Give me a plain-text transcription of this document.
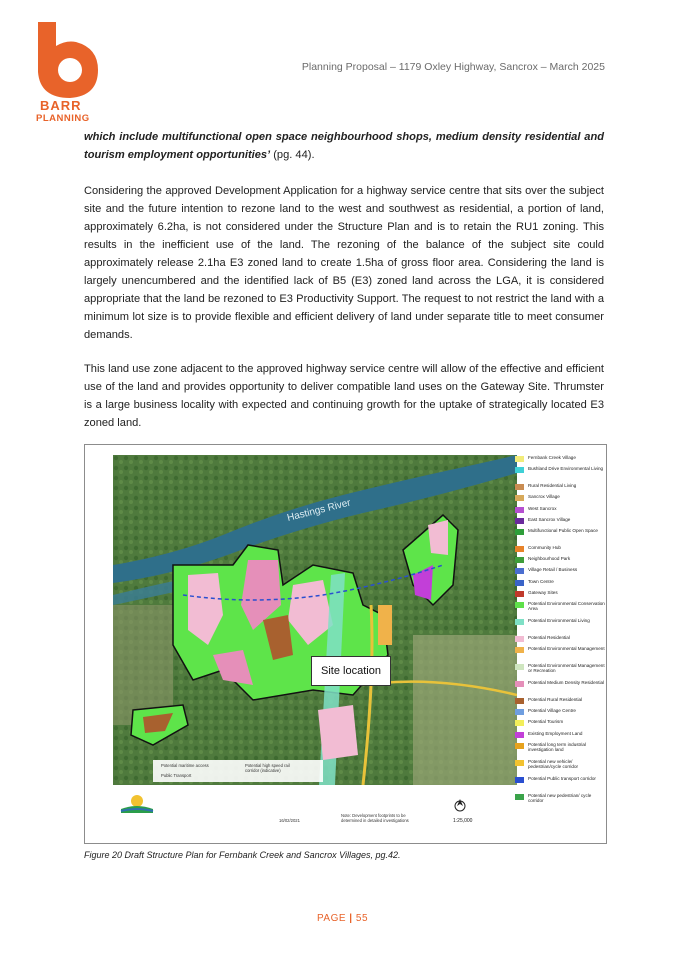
BARR
PLANNING
Planning Proposal – 1179 Oxley Highway, Sancrox – March 2025

which include multifunctional open space neighbourhood shops, medium density residential and tourism employment opportunities’ (pg. 44).

Considering the approved Development Application for a highway service centre that sits over the subject site and the future intention to rezone land to the west and southwest as residential, a portion of land, approximately 6.2ha, is not considered under the Structure Plan and is to retain the RU1 zoning. This results in the inefficient use of the land. The rezoning of the balance of the subject site could approximately release 2.1ha E3 zoned land to create 1.5ha of gross floor area. Considering the land is largely unencumbered and the identified lack of B5 (E3) zoned land across the LGA, it is considered appropriate that the land be rezoned to E3 Productivity Support. The request to not restrict the land with a minimum lot size is to provide flexible and efficient delivery of land under separate title to meet consumer demands.

This land use zone adjacent to the approved highway service centre will allow of the effective and efficient use of the land and provides opportunity to deliver compatible land uses on the Gateway Site. Thrumster is a large business locality with expected and continuing growth for the uptake of strategically located E3 zoned land.

Hastings River
Site location
Potential maritime access
Public Transport
Potential high speed rail corridor (indicative)
16/02/2021
Note: Development footprints to be determined in detailed investigations	1:25,000
Fernbank Creek Village
Bushland Drive Environmental Living
Rural Residential Living
Sancrox Village
West Sancrox
East Sancrox Village
Multifunctional Public Open Space
Community Hub
Neighbourhood Park
Village Retail / Business
Town Centre
Gateway Sites
Potential Environmental Conservation Area
Potential Environmental Living
Potential Residential
Potential Environmental Management
Potential Environmental Management or Recreation
Potential Medium Density Residential
Potential Rural Residential
Potential Village Centre
Potential Tourism
Existing Employment Land
Potential long term industrial investigation land
Potential new vehicle/ pedestrian/cycle corridor
Potential Public transport corridor
Potential new pedestrian/ cycle corridor
Figure 20 Draft Structure Plan for Fernbank Creek and Sancrox Villages, pg.42.
PAGE | 55
